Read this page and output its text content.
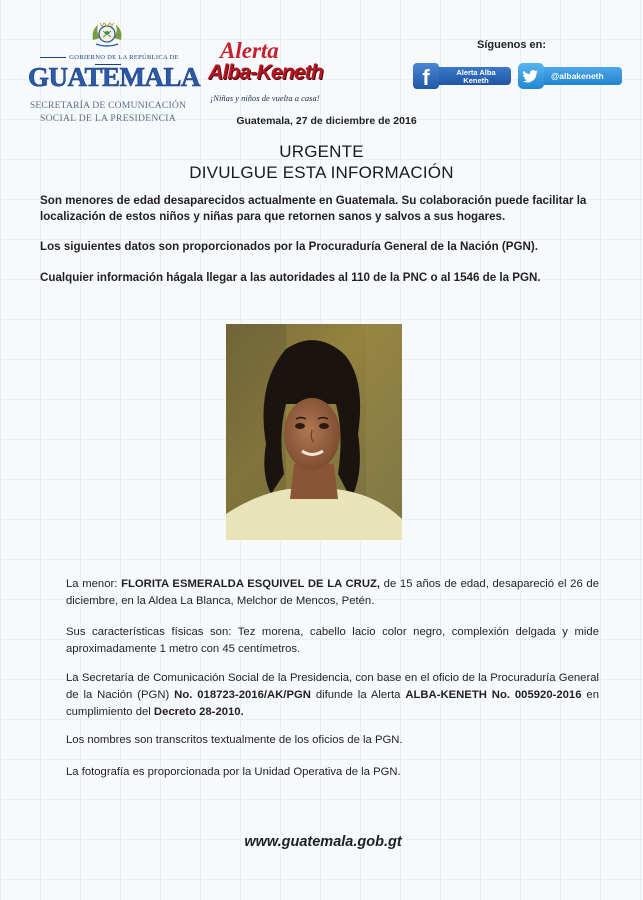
GOBIERNO DE LA REPÚBLICA DE
GUATEMALA
SECRETARÍA DE COMUNICACIÓN
SOCIAL DE LA PRESIDENCIA
Alerta
Alba-Keneth
¡Niñas y niños de vuelta a casa!
Síguenos en:
f	Alerta Alba Keneth	@albakeneth
Guatemala, 27 de diciembre de 2016
URGENTE
DIVULGUE ESTA INFORMACIÓN
Son menores de edad desaparecidos actualmente en Guatemala. Su colaboración puede facilitar la localización de estos niños y niñas para que retornen sanos y salvos a sus hogares.
Los siguientes datos son proporcionados por la Procuraduría General de la Nación (PGN).
Cualquier información hágala llegar a las autoridades al 110 de la PNC o al 1546 de la PGN.
La menor: FLORITA ESMERALDA ESQUIVEL DE LA CRUZ, de 15 años de edad, desapareció el 26 de diciembre, en la Aldea La Blanca, Melchor de Mencos, Petén.
Sus características físicas son: Tez morena, cabello lacio color negro, complexión delgada y mide aproximadamente 1 metro con 45 centímetros.
La Secretaría de Comunicación Social de la Presidencia, con base en el oficio de la Procuraduría General de la Nación (PGN) No. 018723-2016/AK/PGN difunde la Alerta ALBA-KENETH No. 005920-2016 en cumplimiento del Decreto 28-2010.
Los nombres son transcritos textualmente de los oficios de la PGN.
La fotografía es proporcionada por la Unidad Operativa de la PGN.
www.guatemala.gob.gt
